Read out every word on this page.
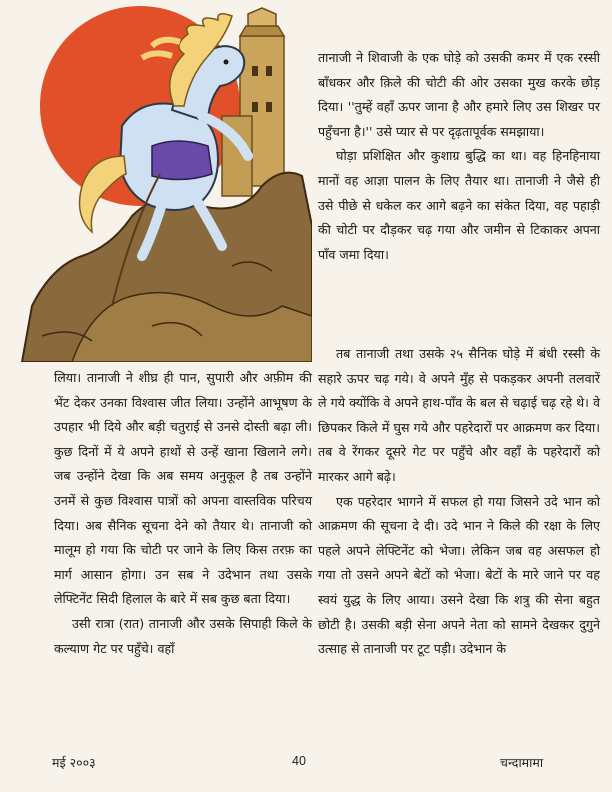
तानाजी ने शिवाजी के एक घोड़े को उसकी कमर में एक रस्सी बाँधकर और क़िले की चोटी की ओर उसका मुख करके छोड़ दिया। ''तुम्हें वहाँ ऊपर जाना है और हमारे लिए उस शिखर पर पहुँचना है।'' उसे प्यार से पर दृढ़तापूर्वक समझाया।

घोड़ा प्रशिक्षित और कुशाग्र बुद्धि का था। वह हिनहिनाया मानों वह आज्ञा पालन के लिए तैयार था। तानाजी ने जैसे ही उसे पीछे से धकेल कर आगे बढ़ने का संकेत दिया, वह पहाड़ी की चोटी पर दौड़कर चढ़ गया और जमीन से टिकाकर अपना पाँव जमा दिया।

लिया। तानाजी ने शीघ्र ही पान, सुपारी और अफ़ीम की भेंट देकर उनका विश्वास जीत लिया। उन्होंने आभूषण के उपहार भी दिये और बड़ी चतुराई से उनसे दोस्ती बढ़ा ली। कुछ दिनों में ये अपने हाथों से उन्हें खाना खिलाने लगे। जब उन्होंने देखा कि अब समय अनुकूल है तब उन्होंने उनमें से कुछ विश्वास पात्रों को अपना वास्तविक परिचय दिया। अब सैनिक सूचना देने को तैयार थे। तानाजी को मालूम हो गया कि चोटी पर जाने के लिए किस तरफ़ का मार्ग आसान होगा। उन सब ने उदेभान तथा उसके लेफ्टिनेंट सिदी हिलाल के बारे में सब कुछ बता दिया।

उसी रात्रा (रात) तानाजी और उसके सिपाही किले के कल्याण गेट पर पहुँचे। वहाँ

तब तानाजी तथा उसके २५ सैनिक घोड़े में बंधी रस्सी के सहारे ऊपर चढ़ गये। वे अपने मुँह से पकड़कर अपनी तलवारें ले गये क्योंकि वे अपने हाथ-पाँव के बल से चढ़ाई चढ़ रहे थे। वे छिपकर किले में घुस गये और पहरेदारों पर आक्रमण कर दिया। तब वे रेंगकर दूसरे गेट पर पहुँचे और वहाँ के पहरेदारों को मारकर आगे बढ़े।

एक पहरेदार भागने में सफल हो गया जिसने उदे भान को आक्रमण की सूचना दे दी। उदे भान ने किले की रक्षा के लिए पहले अपने लेफ्टिनेंट को भेजा। लेकिन जब वह असफल हो गया तो उसने अपने बेटों को भेजा। बेटों के मारे जाने पर वह स्वयं युद्ध के लिए आया। उसने देखा कि शत्रु की सेना बहुत छोटी है। उसकी बड़ी सेना अपने नेता को सामने देखकर दुगुने उत्साह से तानाजी पर टूट पड़ी। उदेभान के

मई २००३	40	चन्दामामा
